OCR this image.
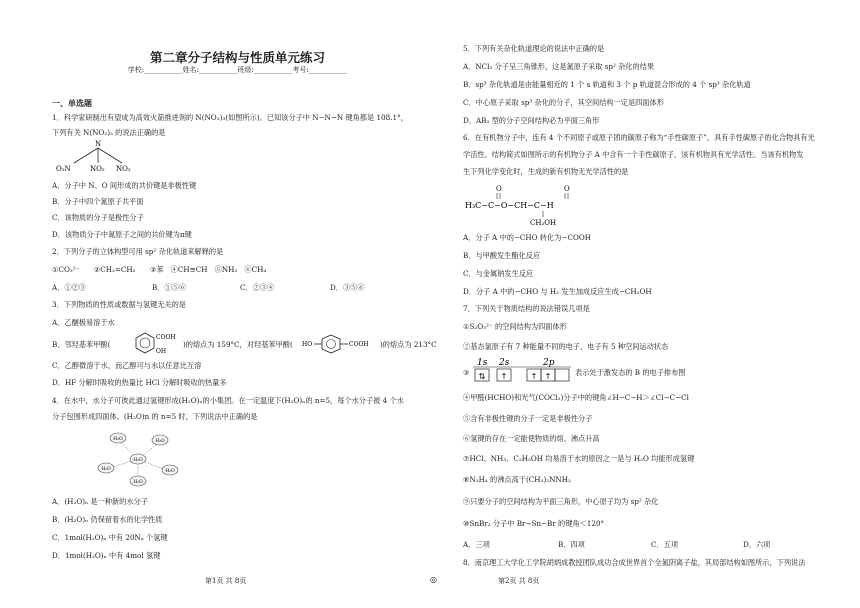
第二章分子结构与性质单元练习
学校:___________姓名:___________班级:___________考号:___________
一、单选题
1．科学家研制出有望成为高效火箭推进剂的 N(NO₂)₃(如图所示)。已知该分子中 N−N−N 键角都是 108.1°，
下列有关 N(NO₂)₃ 的说法正确的是
N
O₂N	NO₂ NO₂
A．分子中 N、O 间形成的共价键是非极性键
B．分子中四个氮原子共平面
C．该物质的分子是极性分子
D．该物质分子中氮原子之间的共价键为π键
2．下列分子的立体构型可用 sp² 杂化轨道来解释的是
①CO₃²⁻　　②CH₂=CH₂　　③苯　④CH≡CH　⑤NH₃　⑥CH₄
A．①②③	B．①⑤⑥	C．②③④	D．③⑤⑥
3．下列物质的性质或数据与氢键无关的是
A．乙醚极易溶于水
B．邻羟基苯甲酸(
COOH
OH
)的熔点为 159°C，对羟基苯甲酸( HO	COOH )的熔点为 213°C
C．乙醇微溶于水，而乙醇可与水以任意比互溶
D．HF 分解时吸收的热量比 HCl 分解时吸收的热量多
4．在水中，水分子可彼此通过氢键形成(H₂O)ₙ的小集团。在一定温度下(H₂O)ₙ的 n=5，每个水分子被 4 个水
分子包围形成四面体。(H₂O)n 的 n=5 时，下列说法中正确的是
H₂O	H₂O
H₂O
H₂O	H₂O
H₂O
A．(H₂O)ₙ 是一种新的水分子
B．(H₂O)ₙ 仍保留着水的化学性质
C．1mol(H₂O)ₙ 中有 20Nₐ 个氢键
D．1mol(H₂O)ₙ 中有 4mol 氢键
第1页 共 8页	◎	第2页 共 8页
5．下列有关杂化轨道理论的说法中正确的是
A．NCl₃ 分子呈三角锥形，这是氮原子采取 sp² 杂化的结果
B．sp³ 杂化轨道是由能量相近的 1 个 s 轨道和 3 个 p 轨道混合形成的 4 个 sp³ 杂化轨道
C．中心原子采取 sp³ 杂化的分子，其空间结构一定是四面体形
D．AB₃ 型的分子空间结构必为平面三角形
6．在有机物分子中，连有 4 个不同原子或原子团的碳原子称为“手性碳原子”，具有手性碳原子的化合物具有光
学活性。结构简式如图所示的有机物分子 A 中含有一个手性碳原子，该有机物具有光学活性。当该有机物发
生下列化学变化时，生成的新有机物无光学活性的是
O	O
H₃C−C−O−CH−C−H
CH₂OH
A．分子 A 中的−CHO 转化为−COOH
B．与甲酸发生酯化反应
C．与金属钠发生反应
D．分子 A 中的−CHO 与 H₂ 发生加成反应生成−CH₂OH
7．下列关于物质结构的说法错误几项是
①S₂O₃²⁻ 的空间结构为四面体形
②基态氯原子有 7 种能量不同的电子，电子有 5 种空间运动状态
③
1s 2s	2p
⇅ ↑	↑ ↑	表示处于激发态的 B 的电子排布图
④甲醛(HCHO)和光气(COCl₂)分子中的键角∠H−C−H＞∠Cl−C−Cl
⑤含有非极性键的分子一定是非极性分子
⑥氢键的存在一定能使物质的熔、沸点升高
⑦HCl、NH₃、C₂H₅OH 均易溶于水的原因之一是与 H₂O 均能形成氢键
⑧N₂H₄ 的沸点高于(CH₃)₂NNH₂
⑨只要分子的空间结构为平面三角形，中心原子均为 sp² 杂化
⑩SnBr₂ 分子中 Br−Sn−Br 的键角＜120°
A．三项	B．四项	C．五项	D．六项
8．南京理工大学化工学院胡炳成教授团队成功合成世界首个全氮阴离子盐，其局部结构如图所示，下列说法
